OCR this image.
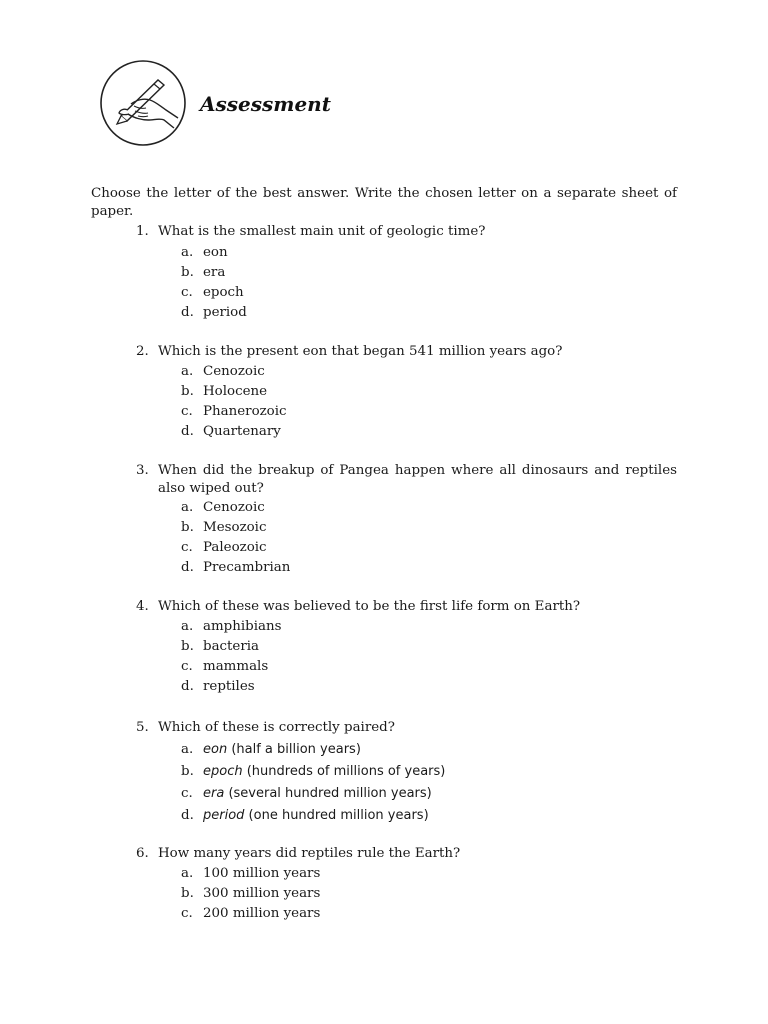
Assessment

Choose the letter of the best answer. Write the chosen letter on a separate sheet of paper.

1. What is the smallest main unit of geologic time?
a. eon
b. era
c. epoch
d. period
2. Which is the present eon that began 541 million years ago?
a. Cenozoic
b. Holocene
c. Phanerozoic
d. Quartenary
3. When did the breakup of Pangea happen where all dinosaurs and reptiles also wiped out?
a. Cenozoic
b. Mesozoic
c. Paleozoic
d. Precambrian
4. Which of these was believed to be the first life form on Earth?
a. amphibians
b. bacteria
c. mammals
d. reptiles
5. Which of these is correctly paired?
a. eon (half a billion years)
b. epoch (hundreds of millions of years)
c. era (several hundred million years)
d. period (one hundred million years)
6. How many years did reptiles rule the Earth?
a. 100 million years
b. 300 million years
c. 200 million years
